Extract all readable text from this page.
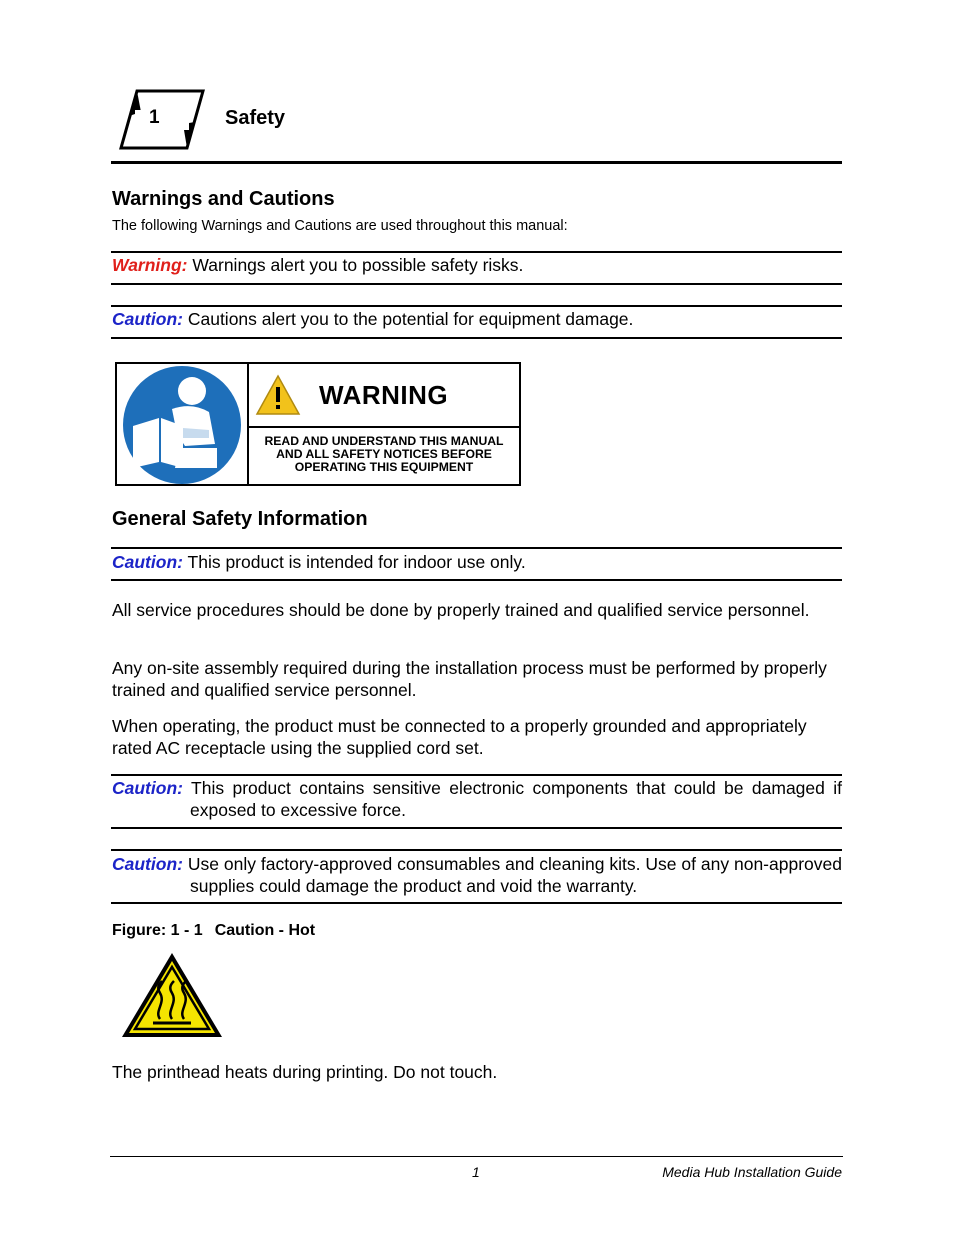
1	Safety
Warnings and Cautions
The following Warnings and Cautions are used throughout this manual:
Warning: Warnings alert you to possible safety risks.
Caution: Cautions alert you to the potential for equipment damage.
WARNING
READ AND UNDERSTAND THIS MANUAL
AND ALL SAFETY NOTICES BEFORE
OPERATING THIS EQUIPMENT
General Safety Information
Caution: This product is intended for indoor use only.
All service procedures should be done by properly trained and qualified service personnel.
Any on-site assembly required during the installation process must be performed by properly trained and qualified service personnel.
When operating, the product must be connected to a properly grounded and appropriately rated AC receptacle using the supplied cord set.
Caution: This product contains sensitive electronic components that could be damaged if exposed to excessive force.
Caution: Use only factory-approved consumables and cleaning kits. Use of any non-approved supplies could damage the product and void the warranty.
Figure: 1 - 1 Caution - Hot
The printhead heats during printing. Do not touch.
1	Media Hub Installation Guide
